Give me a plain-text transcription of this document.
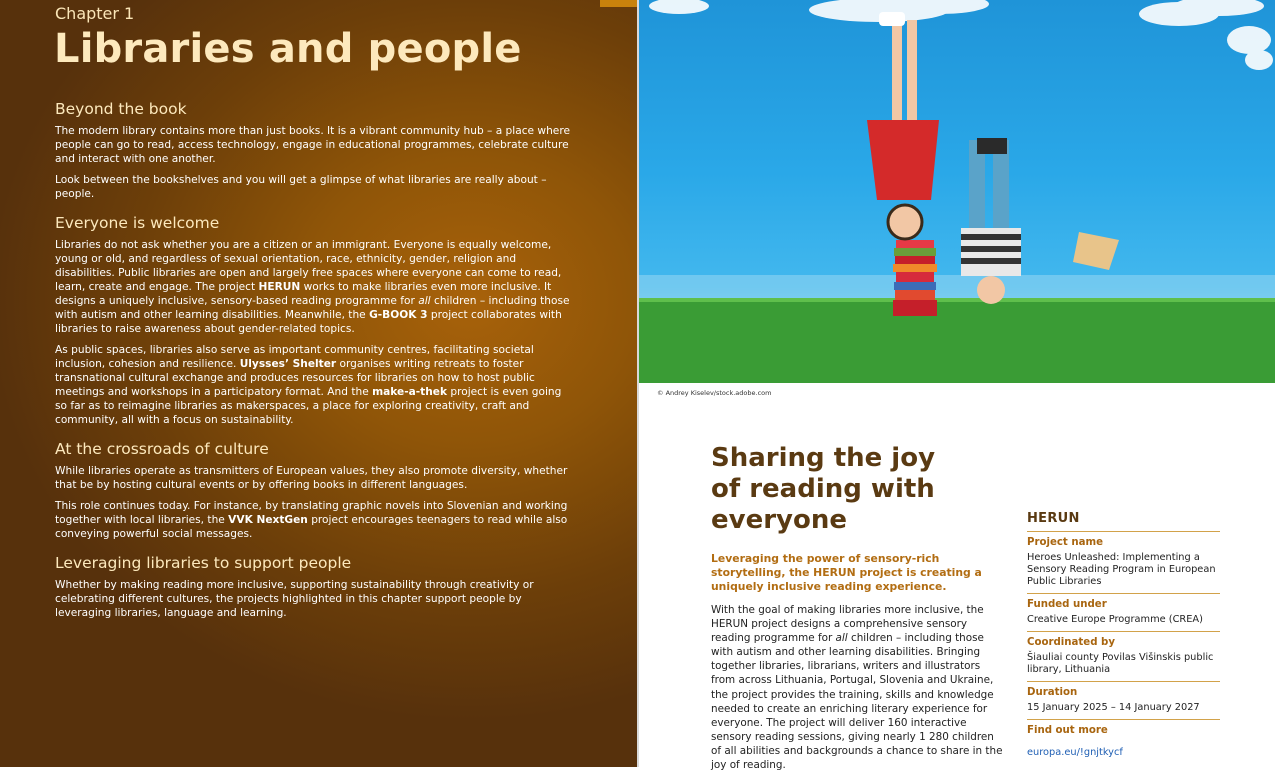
Chapter 1
Libraries and people
Beyond the book

The modern library contains more than just books. It is a vibrant community hub – a place where people can go to read, access technology, engage in educational programmes, celebrate culture and interact with one another.

Look between the bookshelves and you will get a glimpse of what libraries are really about – people.

Everyone is welcome

Libraries do not ask whether you are a citizen or an immigrant. Everyone is equally welcome, young or old, and regardless of sexual orientation, race, ethnicity, gender, religion and disabilities. Public libraries are open and largely free spaces where everyone can come to read, learn, create and engage. The project HERUN works to make libraries even more inclusive. It designs a uniquely inclusive, sensory-based reading programme for all children – including those with autism and other learning disabilities. Meanwhile, the G-BOOK 3 project collaborates with libraries to raise awareness about gender-related topics.

As public spaces, libraries also serve as important community centres, facilitating societal inclusion, cohesion and resilience. Ulysses’ Shelter organises writing retreats to foster transnational cultural exchange and produces resources for libraries on how to host public meetings and workshops in a participatory format. And the make-a-thek project is even going so far as to reimagine libraries as makerspaces, a place for exploring creativity, craft and community, all with a focus on sustainability.

At the crossroads of culture

While libraries operate as transmitters of European values, they also promote diversity, whether that be by hosting cultural events or by offering books in different languages.

This role continues today. For instance, by translating graphic novels into Slovenian and working together with local libraries, the VVK NextGen project encourages teenagers to read while also conveying powerful social messages.

Leveraging libraries to support people

Whether by making reading more inclusive, supporting sustainability through creativity or celebrating different cultures, the projects highlighted in this chapter support people by leveraging libraries, language and learning.

© Andrey Kiselev/stock.adobe.com
Sharing the joy
of reading with
everyone

Leveraging the power of sensory-rich storytelling, the HERUN project is creating a uniquely inclusive reading experience.

With the goal of making libraries more inclusive, the HERUN project designs a comprehensive sensory reading programme for all children – including those with autism and other learning disabilities. Bringing together libraries, librarians, writers and illustrators from across Lithuania, Portugal, Slovenia and Ukraine, the project provides the training, skills and knowledge needed to create an enriching literary experience for everyone. The project will deliver 160 interactive sensory reading sessions, giving nearly 1 280 children of all abilities and backgrounds a chance to share in the joy of reading.

HERUN
Project name
Heroes Unleashed: Implementing a Sensory Reading Program in European Public Libraries
Funded under
Creative Europe Programme (CREA)
Coordinated by
Šiauliai county Povilas Višinskis public library, Lithuania
Duration
15 January 2025 – 14 January 2027
Find out more
europa.eu/!gnjtkycf
